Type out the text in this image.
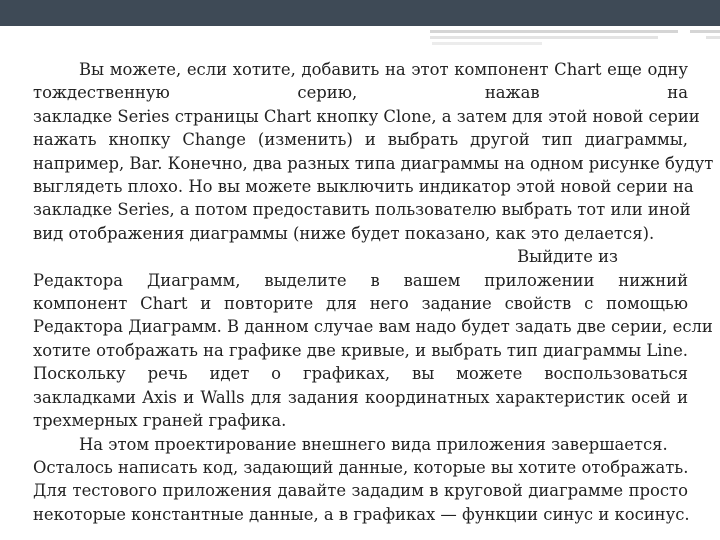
Вы можете, если хотите, добавить на этот компонент Chart еще одну

тождественную серию, нажав на

закладке Series страницы Chart кнопку Clone, а затем для этой новой серии

нажать кнопку Change (изменить) и выбрать другой тип диаграммы,

например, Bar. Конечно, два разных типа диаграммы на одном рисунке будут

выглядеть плохо. Но вы можете выключить индикатор этой новой серии на

закладке Series, а потом предоставить пользователю выбрать тот или иной

вид отображения диаграммы (ниже будет показано, как это делается).

Выйдите из

Редактора Диаграмм, выделите в вашем приложении нижний

компонент Chart и повторите для него задание свойств с помощью

Редактора Диаграмм. В данном случае вам надо будет задать две серии, если

хотите отображать на графике две кривые, и выбрать тип диаграммы Line.

Поскольку речь идет о графиках, вы можете воспользоваться

закладками Axis и Walls для задания координатных характеристик осей и

трехмерных граней графика.

На этом проектирование внешнего вида приложения завершается.

Осталось написать код, задающий данные, которые вы хотите отображать.

Для тестового приложения давайте зададим в круговой диаграмме просто

некоторые константные данные, а в графиках — функции синус и косинус.
